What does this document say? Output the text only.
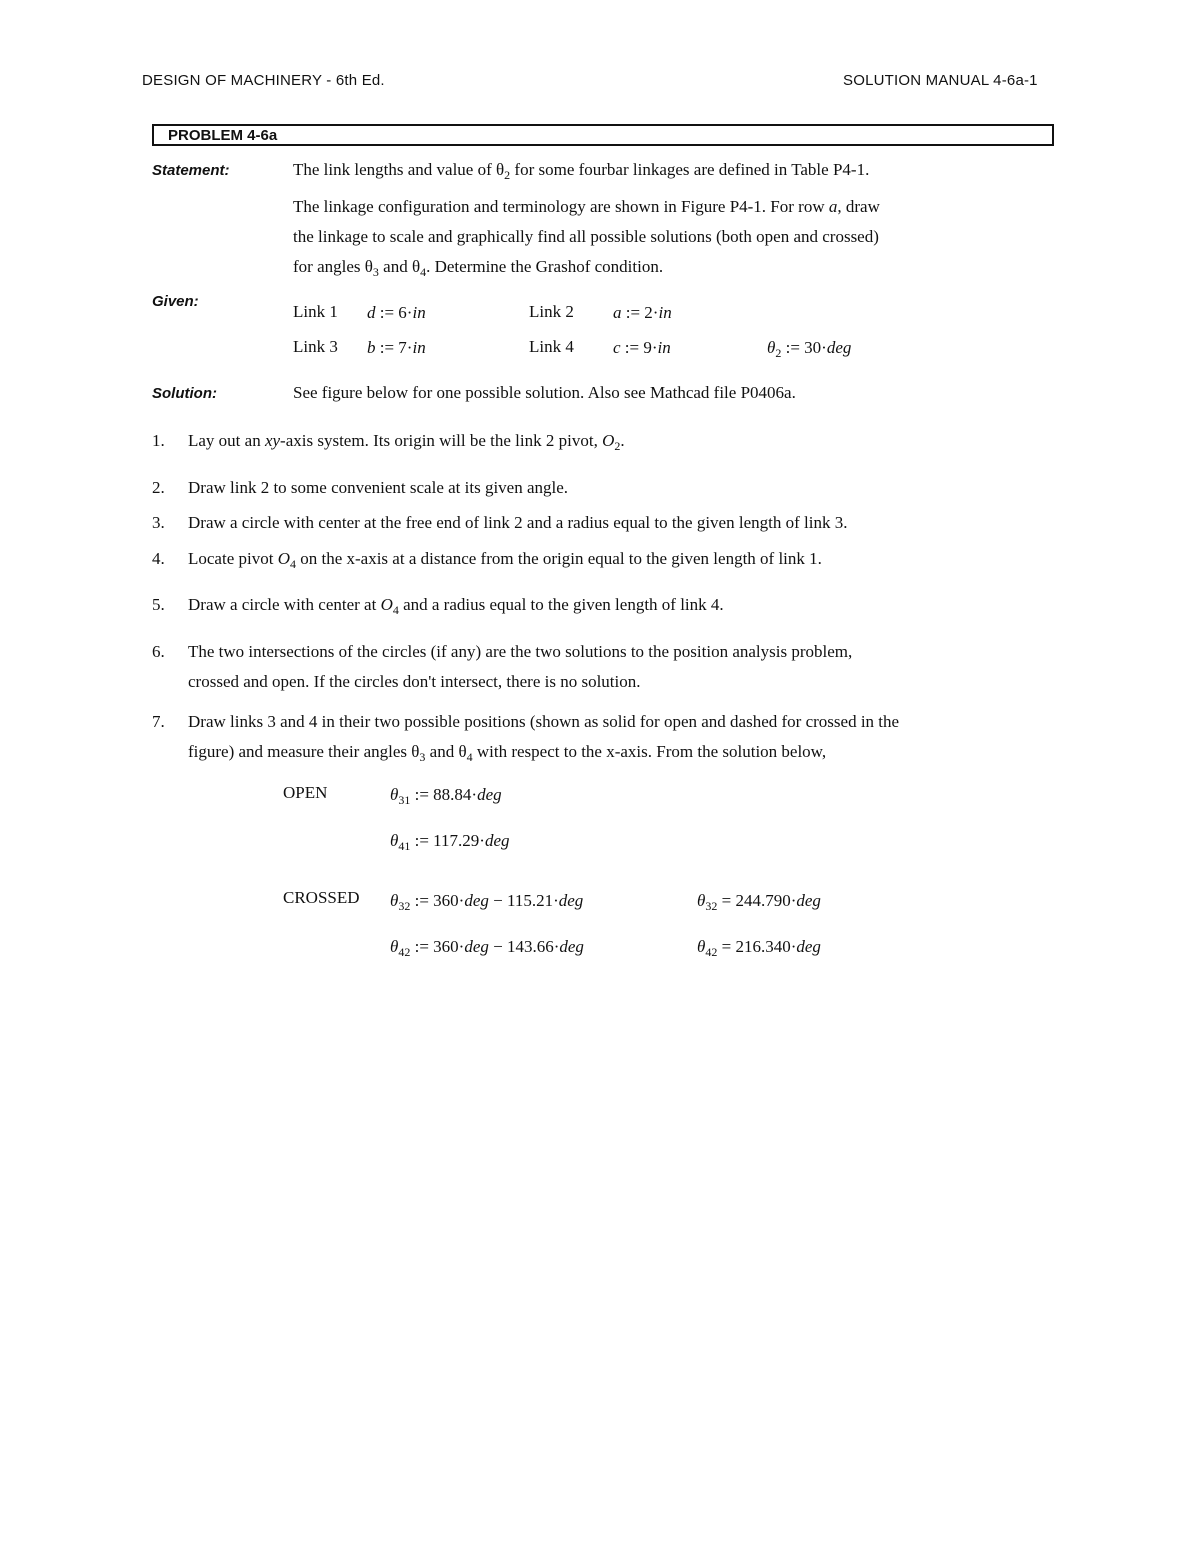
DESIGN OF MACHINERY - 6th Ed.	SOLUTION MANUAL 4-6a-1
PROBLEM 4-6a
Statement:	The link lengths and value of $\theta_2$ for some fourbar linkages are defined in Table P4-1.
The linkage configuration and terminology are shown in Figure P4-1. For row a, draw
the linkage to scale and graphically find all possible solutions (both open and crossed)
for angles $\theta_3$ and $\theta_4$. Determine the Grashof condition.
Given:
Link 1 d := 6·in	Link 2 a := 2·in
Link 3 b := 7·in	Link 4 c := 9·in	$\theta_2$ := 30·deg
Solution:	See figure below for one possible solution. Also see Mathcad file P0406a.
1. Lay out an xy-axis system. Its origin will be the link 2 pivot, $O_2$.
2. Draw link 2 to some convenient scale at its given angle.
3. Draw a circle with center at the free end of link 2 and a radius equal to the given length of link 3.
4. Locate pivot $O_4$ on the x-axis at a distance from the origin equal to the given length of link 1.
5. Draw a circle with center at $O_4$ and a radius equal to the given length of link 4.
6. The two intersections of the circles (if any) are the two solutions to the position analysis problem,
crossed and open. If the circles don't intersect, there is no solution.
7. Draw links 3 and 4 in their two possible positions (shown as solid for open and dashed for crossed in the
figure) and measure their angles $\theta_3$ and $\theta_4$ with respect to the x-axis. From the solution below,
OPEN	$\theta_{31}$ := 88.84·deg
$\theta_{41}$ := 117.29·deg
CROSSED $\theta_{32}$ := 360·deg − 115.21·deg	$\theta_{32} = 244.790\cdot deg$
$\theta_{42}$ := 360·deg − 143.66·deg	$\theta_{42} = 216.340\cdot deg$
